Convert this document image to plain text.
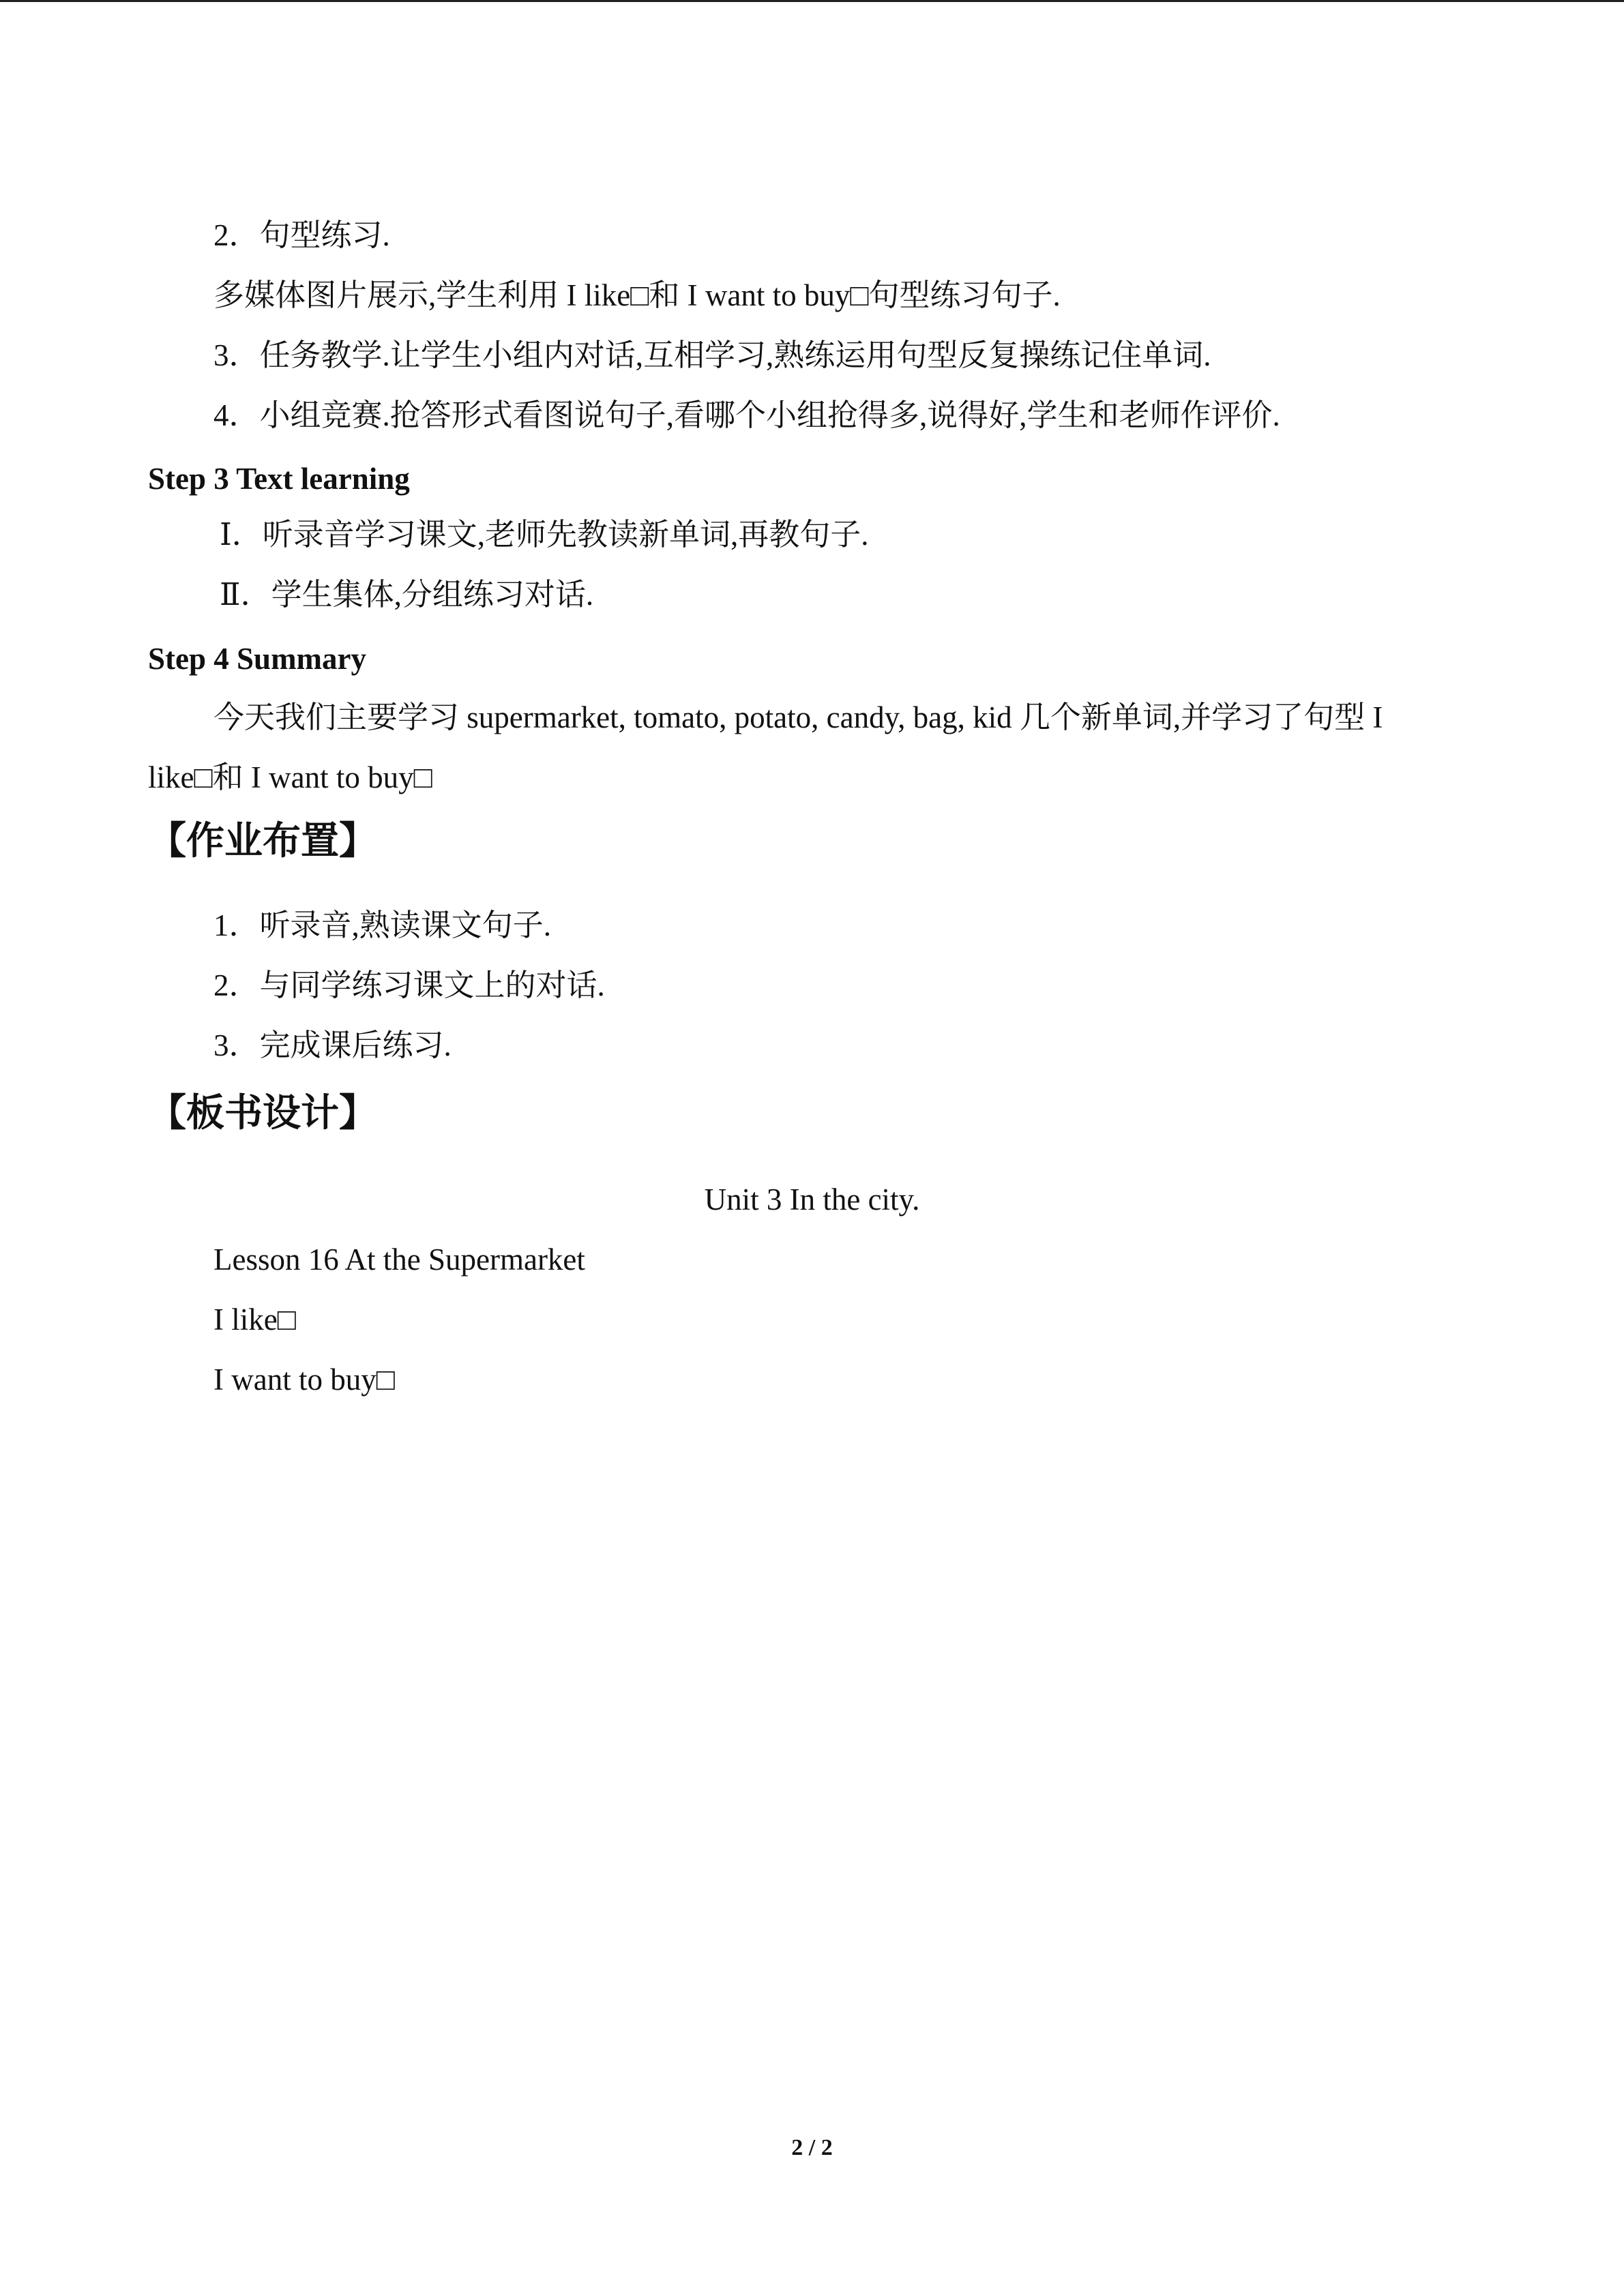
2．句型练习.
多媒体图片展示,学生利用 I like□和 I want to buy□句型练习句子.
3．任务教学.让学生小组内对话,互相学习,熟练运用句型反复操练记住单词.
4．小组竞赛.抢答形式看图说句子,看哪个小组抢得多,说得好,学生和老师作评价.
Step 3 Text learning
Ⅰ．听录音学习课文,老师先教读新单词,再教句子.
Ⅱ．学生集体,分组练习对话.
Step 4 Summary
今天我们主要学习 supermarket, tomato, potato, candy, bag, kid 几个新单词,并学习了句型 I
like□和 I want to buy□
【作业布置】
1．听录音,熟读课文句子.
2．与同学练习课文上的对话.
3．完成课后练习.
【板书设计】
Unit 3 In the city.
Lesson 16 At the Supermarket
I like□
I want to buy□
2 / 2
